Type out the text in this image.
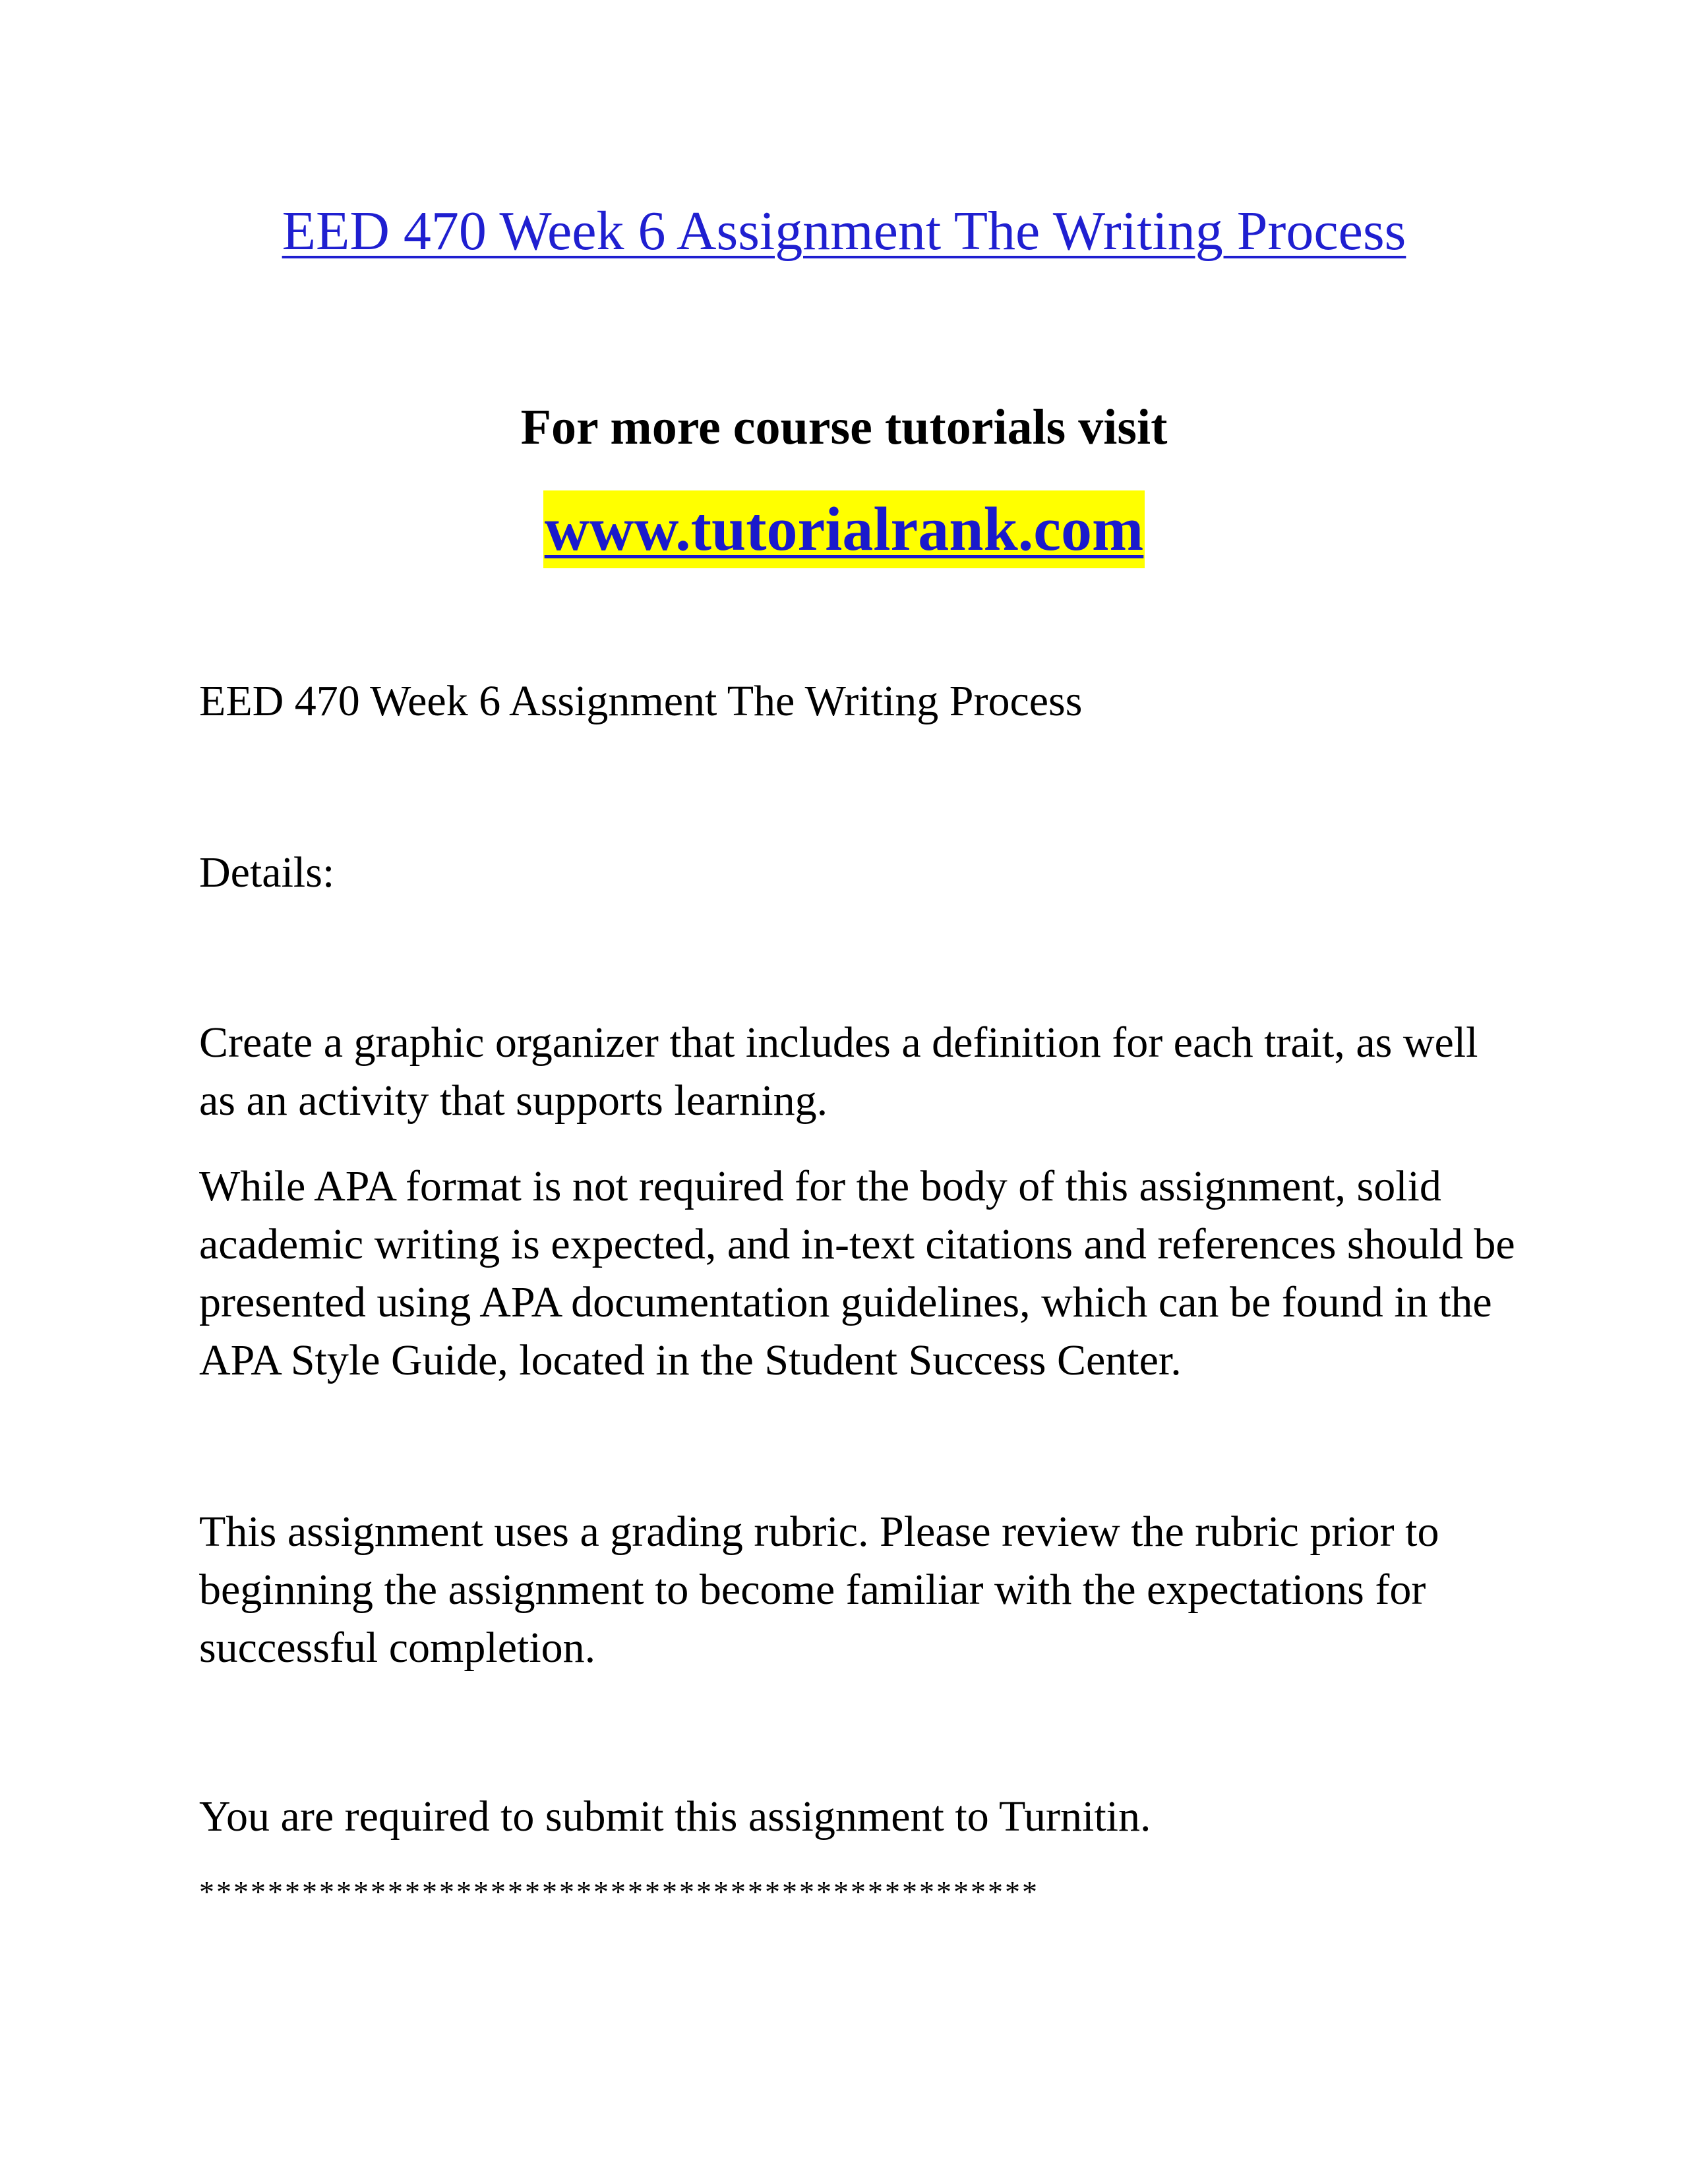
EED 470 Week 6 Assignment The Writing Process
For more course tutorials visit
www.tutorialrank.com

EED 470 Week 6 Assignment The Writing Process

Details:

Create a graphic organizer that includes a definition for each trait, as well as an activity that supports learning.

While APA format is not required for the body of this assignment, solid academic writing is expected, and in-text citations and references should be presented using APA documentation guidelines, which can be found in the APA Style Guide, located in the Student Success Center.

This assignment uses a grading rubric. Please review the rubric prior to beginning the assignment to become familiar with the expectations for successful completion.

You are required to submit this assignment to Turnitin.

*************************************************
